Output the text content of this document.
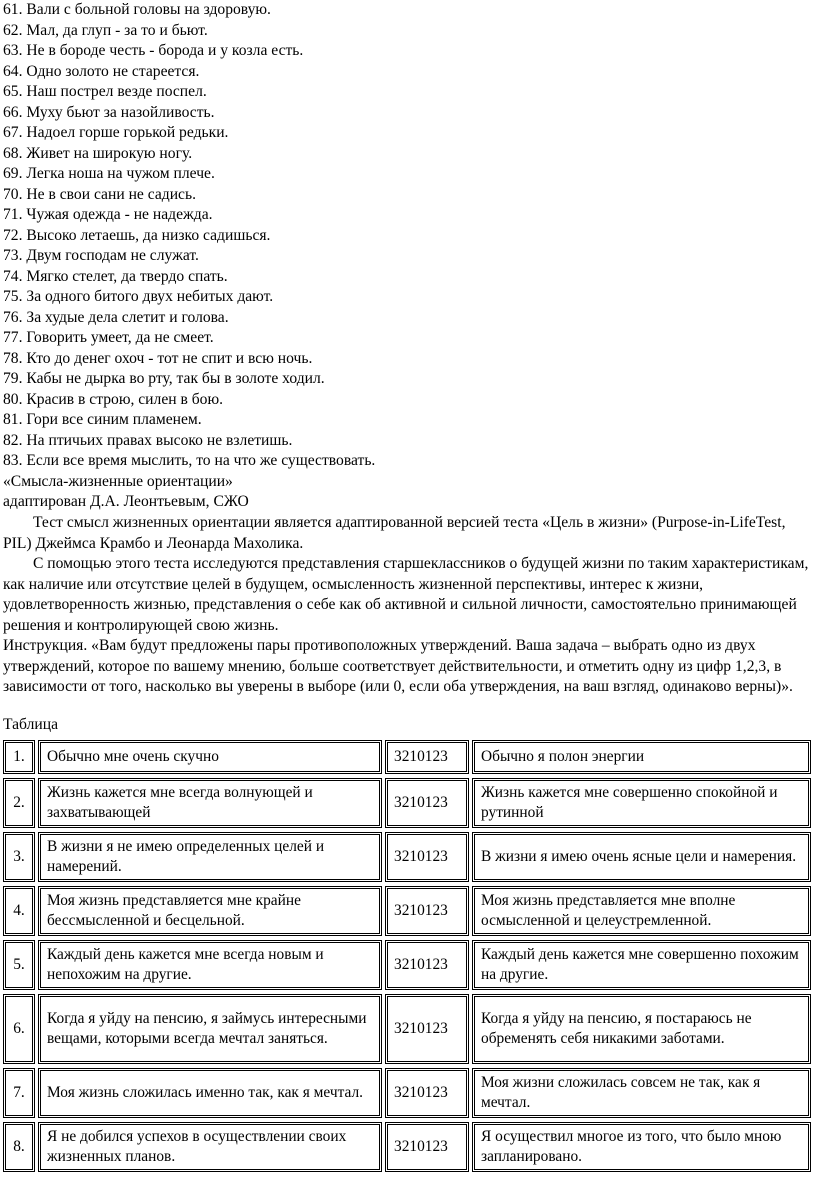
61. Вали с больной головы на здоровую.
62. Мал, да глуп - за то и бьют.
63. Не в бороде честь - борода и у козла есть.
64. Одно золото не стареется.
65. Наш пострел везде поспел.
66. Муху бьют за назойливость.
67. Надоел горше горькой редьки.
68. Живет на широкую ногу.
69. Легка ноша на чужом плече.
70. Не в свои сани не садись.
71. Чужая одежда - не надежда.
72. Высоко летаешь, да низко садишься.
73. Двум господам не служат.
74. Мягко стелет, да твердо спать.
75. За одного битого двух небитых дают.
76. За худые дела слетит и голова.
77. Говорить умеет, да не смеет.
78. Кто до денег охоч - тот не спит и всю ночь.
79. Кабы не дырка во рту, так бы в золоте ходил.
80. Красив в строю, силен в бою.
81. Гори все синим пламенем.
82. На птичьих правах высоко не взлетишь.
83. Если все время мыслить, то на что же существовать.
«Смысла-жизненные ориентации»
адаптирован Д.А. Леонтьевым, СЖО
Тест смысл жизненных ориентации является адаптированной версией теста «Цель в жизни» (Purpose-in-LifeTest, PIL) Джеймса Крамбо и Леонарда Махолика.
С помощью этого теста исследуются представления старшеклассников о будущей жизни по таким характеристикам, как наличие или отсутствие целей в будущем, осмысленность жизненной перспективы, интерес к жизни, удовлетворенность жизнью, представления о себе как об активной и сильной личности, самостоятельно принимающей решения и контролирующей свою жизнь.
Инструкция. «Вам будут предложены пары противоположных утверждений. Ваша задача – выбрать одно из двух утверждений, которое по вашему мнению, больше соответствует действительности, и отметить одну из цифр 1,2,3, в зависимости от того, насколько вы уверены в выборе (или 0, если оба утверждения, на ваш взгляд, одинаково верны)».
Таблица
1.	Обычно мне очень скучно	3210123	Обычно я полон энергии
2.	Жизнь кажется мне всегда волнующей и захватывающей	3210123	Жизнь кажется мне совершенно спокойной и рутинной
3.	В жизни я не имею определенных целей и намерений.	3210123	В жизни я имею очень ясные цели и намерения.
4.	Моя жизнь представляется мне крайне бессмысленной и бесцельной.	3210123	Моя жизнь представляется мне вполне осмысленной и целеустремленной.
5.	Каждый день кажется мне всегда новым и непохожим на другие.	3210123	Каждый день кажется мне совершенно похожим на другие.
6.	Когда я уйду на пенсию, я займусь интересными вещами, которыми всегда мечтал заняться.	3210123	Когда я уйду на пенсию, я постараюсь не обременять себя никакими заботами.
7.	Моя жизнь сложилась именно так, как я мечтал.	3210123	Моя жизни сложилась совсем не так, как я мечтал.
8.	Я не добился успехов в осуществлении своих жизненных планов.	3210123	Я осуществил многое из того, что было мною запланировано.
